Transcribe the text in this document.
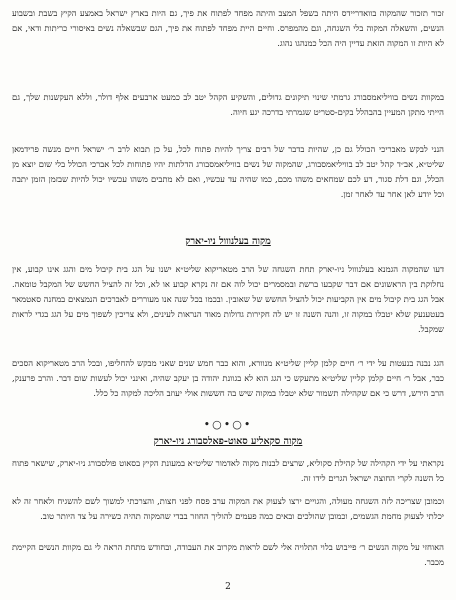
זכור תזכור שהמקוה בוואדריידס היתה בשפל המצב והיתה מפחד לפתוח את פיך, גם היות בארץ ישראל באמצע הקיץ בשבת ובשבוע הנשים, והשאלה המקוה בלי השגחה, וגם מהמפרס. וחיים היית מפחד לפתוח את פיך, הגם שבשאלה נשים באיסורי כריתות ודאי, אם לא היות זו המקוה הזאת עדיין היה הכל כמנהגו נהוג.

במקוות נשים בוויליאמסבורג גרמתי שינוי תיקונים גדולים, והשקיע הקהל יטב לב כמעט ארבעים אלף דולר, וללא העקשנות שלך, גם הייתי מתקן המעיין בהבהלל בקים-סטריט שגמרתי בדרכה יגע חיוה.

הנני לבקש מאבריכי הכולל גם כן, שהיות בדבר של רבים צריך להיות פתוח לכל, על כן תבוא לרב ר׳ ישראל חיים מנשה פרידמאן שליט״א, אב״ד קהל יטב לב בוויליאמסבורג, שהמקוה של נשים בוויליאמסבורג הדלתות יהיו פתוחות לכל אברכי הכולל בלי שום יוצא מן הכלל, וגם דלת סגור, דע לכם שמחאים משהו מכם, כמו שהיה עד עכשיו, ואם לא מתבים משהו עכשיו יכול להיות שבזמן הזמן יתבה וכל יודע לאן אחר עד לאחר זמן.

מקוה בעלנווול ניו-יארק

דעו שהמקוה הגמנא בעלנווול ניו-יארק תחת השגחה של הרב מטאריקוא שליט״א ישנו על הגג בית קיבול מים והגג אינו קבוע, אין נחלוקת בין הראשונים אם דבר שקבעו ברשת ובמסמרים יכול לוה אם זה נקרא קבוע או לא, וכל זה להציל החשש של המקבל טומאה. אבל הגג בית קיבול מים אין הקביעות יכול להציל החשש של שאובין. ובכמו בכל שנה אנו מעוררים לאברכים הנמצאים במחנה סאטמאר בעטענעק שלא יטבלו במקוה זו, והנה השנה זו יש לה חקירות גדולות מאוד הנראות לעינים, ולא צריכין לשפוך מים על הגג בגדי לראות שמקבל.

הגג נבנה בנעטות על ידי ר׳ חיים קלמן קליין שליט״א מנוורא, והוא כבר חמש שנים שאני מבקש להחליפו, ובכל הרב מטאריקוא הסכים כבר, אבל ר׳ חיים קלמן קליין שליט״א מתעקש כי הגג הוא לא בגוונת יהודה בן יעקב שהיה, ואינני יכול לעשות שום דבר. והרב פרענק, הרב הירש, דרש כי אם שקהילה תשמור שלא יטבלו במקוה שיש בה חששות אולי יעוזב הליכה למקוה כל כלל.

•○•○•
מקוה סקאליע סאוט-פאלסבורג ניו-יארק

נקראתי על ידי הקהילה של קהילת סקוליא, שרצים לבנות מקוה לאדמור שליט״א במעונת הקיץ בסאוט פולסבורג ניו-יארק, שישאר פתוח כל השנה לקרי החוצה ישראל הגרים לידו זה.

וכמובן שצריכה לזה השגחה מעולה, והגויים ירצו לצעוק את המקוה ערב פסח לפני חצות, והצרכתי למשוך לשם להשגיח ולאחר זה לא יכלתי לצעוק מחמת הגשמים, וכמובן שהולכים ובאים כמה פעמים להוליך החוזר בבדי שהמקוה תהיה כשירה על צד היותר טוב.

האוחזי על מקוה הנשים ר׳ פייבוש בלוי התלויה אלי לשם לראות מקרוב את העבודה, ובחודש מתחת הראה לי גם מקוות הנשים הקיימת מכבר.

2
